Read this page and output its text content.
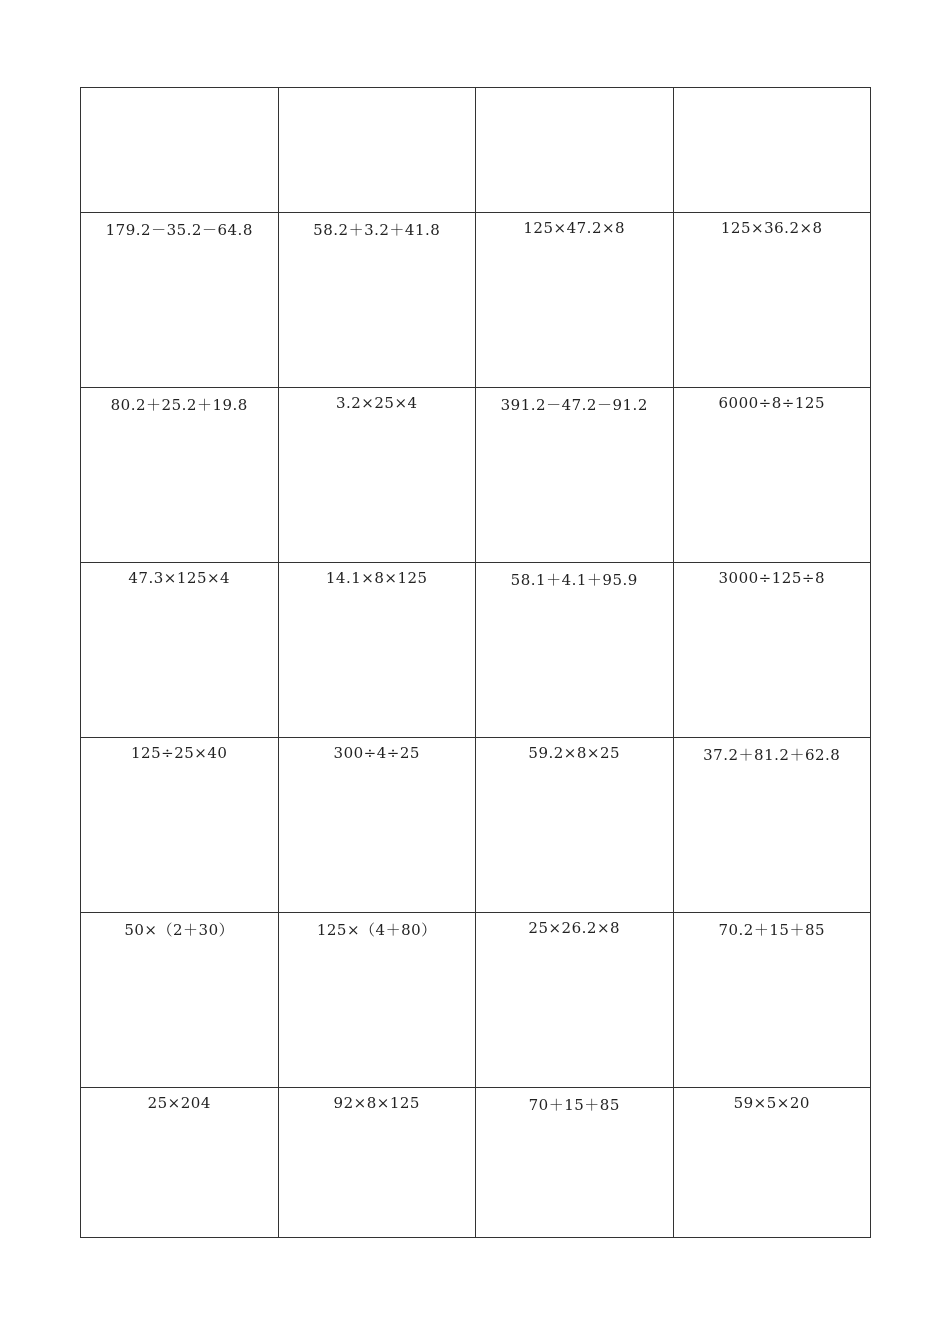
179.2－35.2－64.8	58.2＋3.2＋41.8	125×47.2×8	125×36.2×8

80.2＋25.2＋19.8	3.2×25×4	391.2－47.2－91.2	6000÷8÷125

47.3×125×4	14.1×8×125	58.1＋4.1＋95.9	3000÷125÷8

125÷25×40	300÷4÷25	59.2×8×25	37.2＋81.2＋62.8

50×（2＋30）	125×（4＋80）	25×26.2×8	70.2＋15＋85

25×204	92×8×125	70＋15＋85	59×5×20
